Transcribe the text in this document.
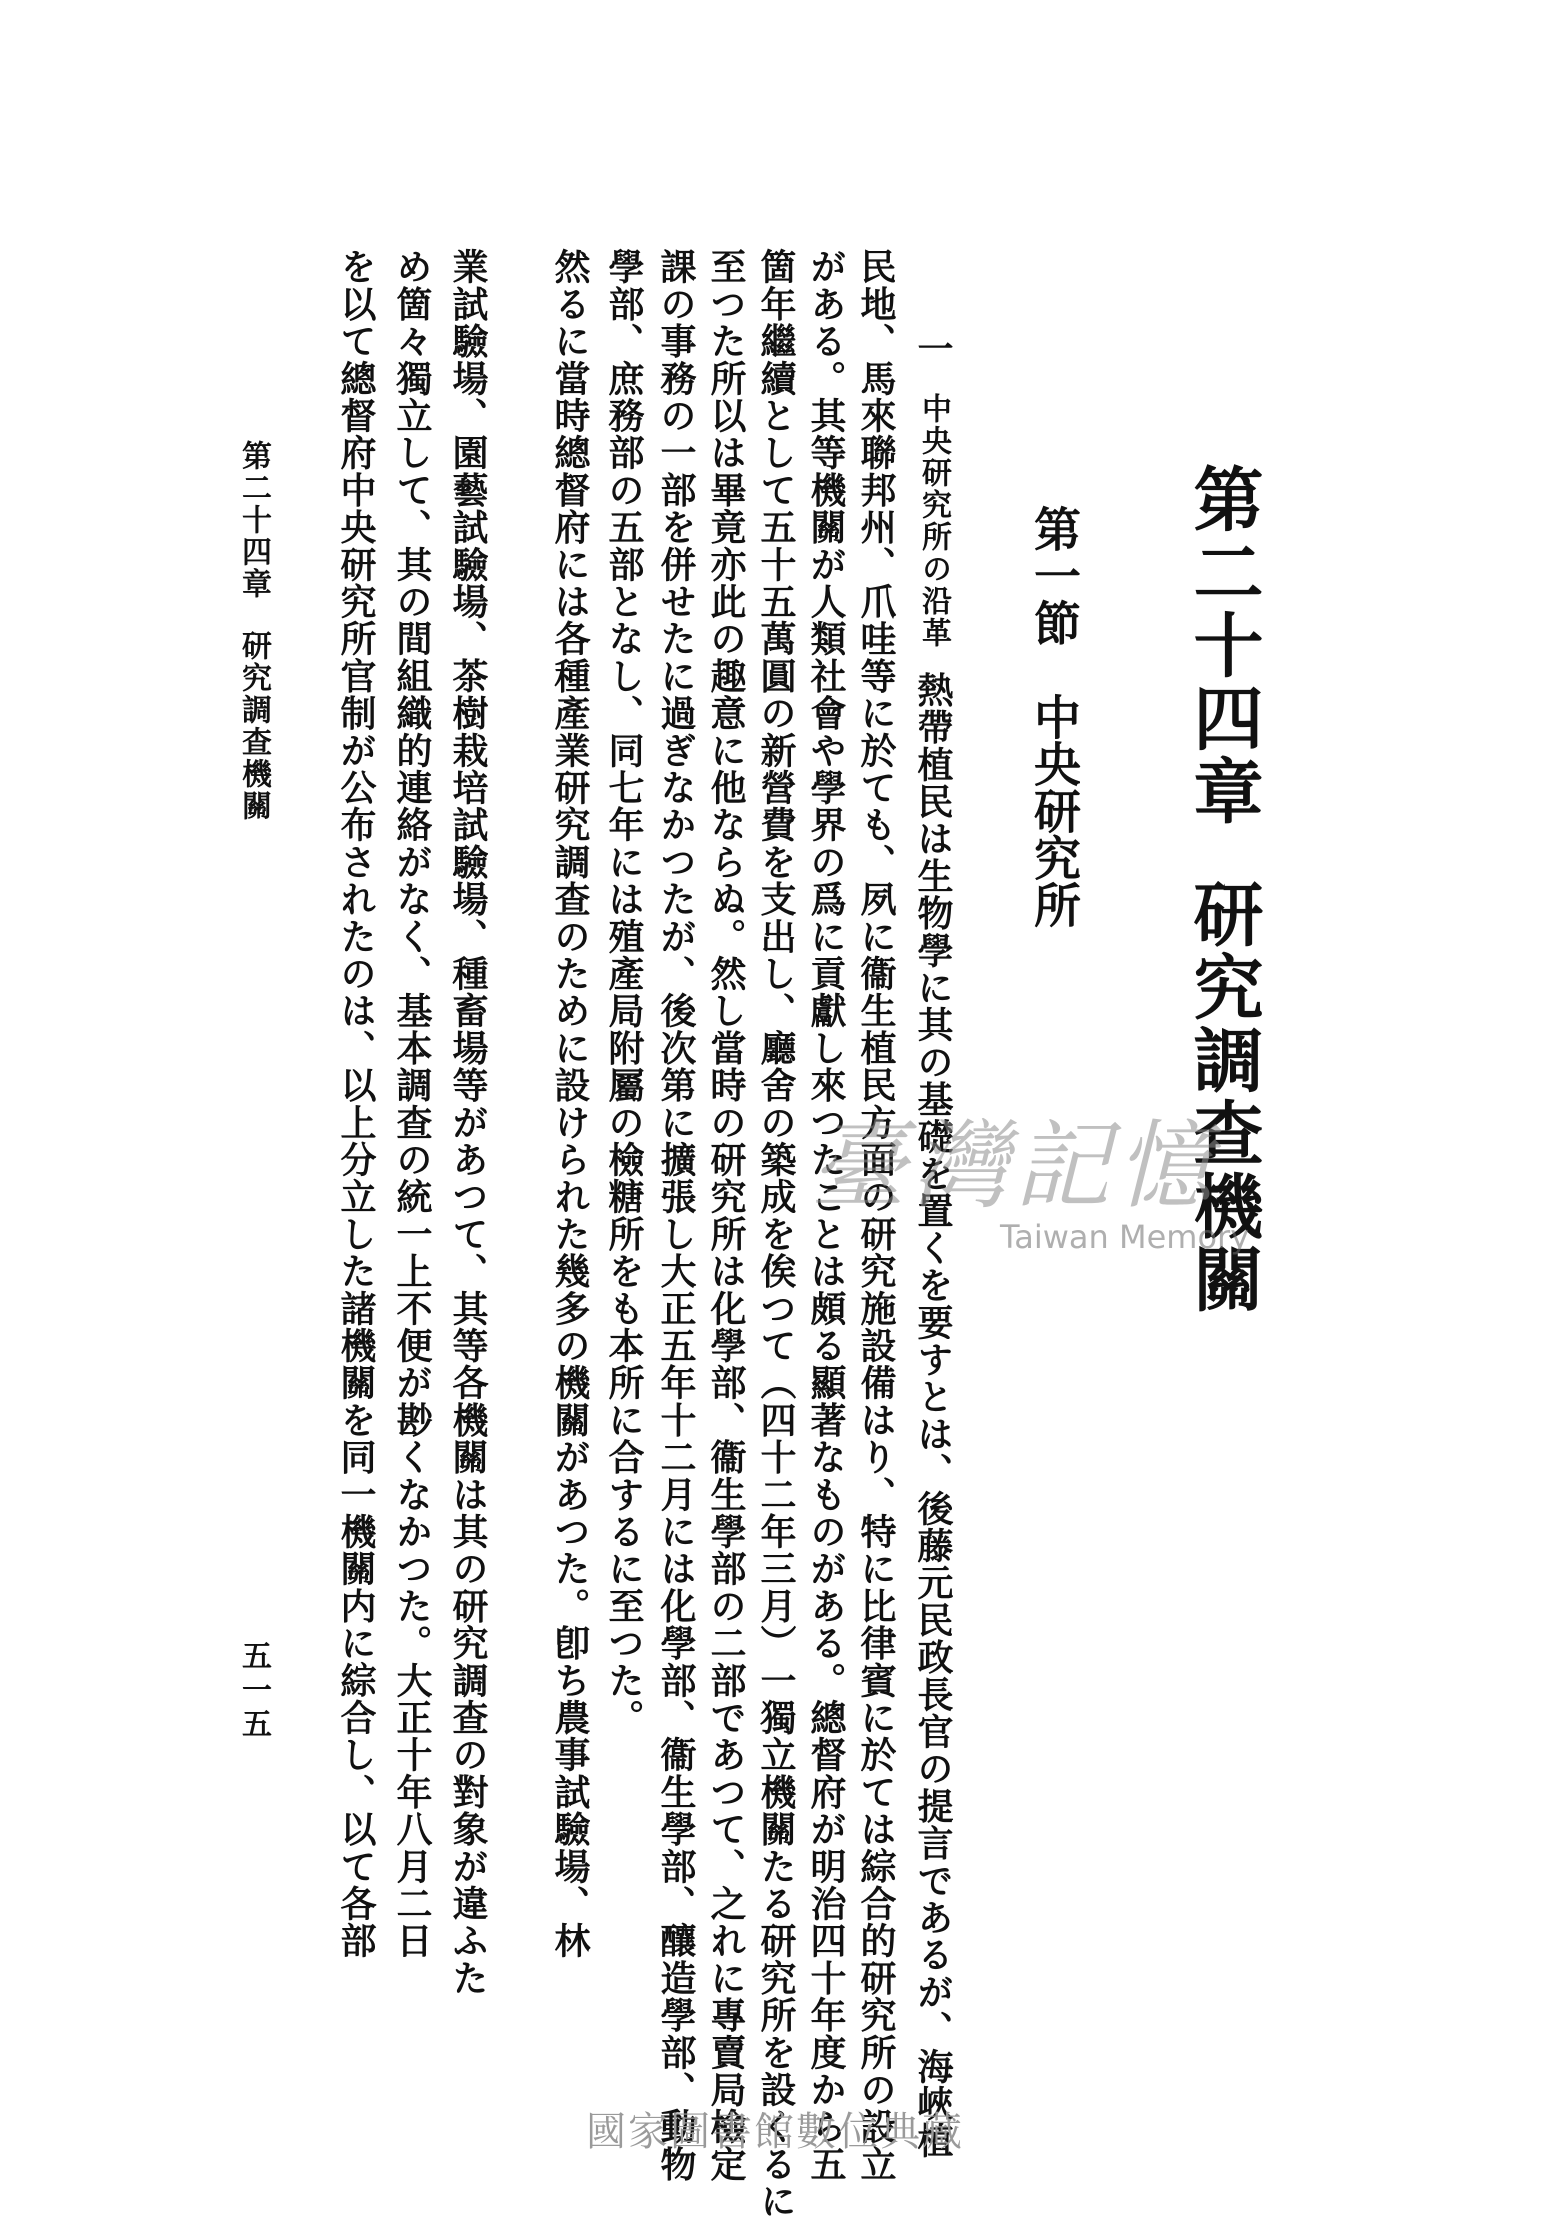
第二十四章研究調查機關
第一節　中央研究所
一中央研究所の沿革熱帶植民は生物學に其の基礎を置くを要すとは、後藤元民政長官の提言であるが、海峽植
民地、馬來聯邦州、爪哇等に於ても、夙に衞生植民方面の研究施設備はり、特に比律賓に於ては綜合的研究所の設立
がある。其等機關が人類社會や學界の爲に貢獻し來つたことは頗る顯著なものがある。總督府が明治四十年度から五
箇年繼續として五十五萬圓の新營費を支出し、廳舍の築成を俟つて（四十二年三月）一獨立機關たる研究所を設くるに
至つた所以は畢竟亦此の趣意に他ならぬ。然し當時の研究所は化學部、衞生學部の二部であつて、之れに專賣局檢定
課の事務の一部を併せたに過ぎなかつたが、後次第に擴張し大正五年十二月には化學部、衞生學部、釀造學部、動物
學部、庶務部の五部となし、同七年には殖產局附屬の檢糖所をも本所に合するに至つた。
然るに當時總督府には各種產業研究調查のために設けられた幾多の機關があつた。卽ち農事試驗場、林
業試驗場、園藝試驗場、茶樹栽培試驗場、種畜場等があつて、其等各機關は其の研究調查の對象が違ふた
め箇々獨立して、其の間組織的連絡がなく、基本調查の統一上不便が尠くなかつた。大正十年八月二日
を以て總督府中央研究所官制が公布されたのは、以上分立した諸機關を同一機關内に綜合し、以て各部
第二十四章研究調查機關
五一五
臺灣記憶
Taiwan Memory
國家圖書館數位典藏
